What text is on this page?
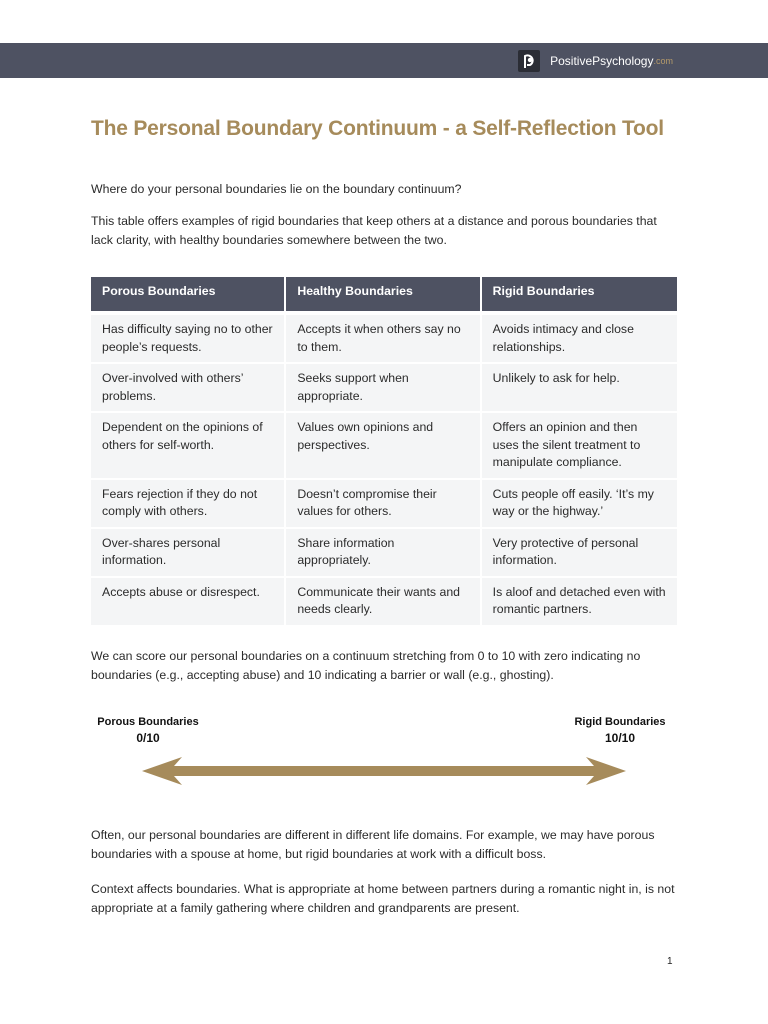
PositivePsychology .com
The Personal Boundary Continuum - a Self-Reflection Tool

Where do your personal boundaries lie on the boundary continuum?

This table offers examples of rigid boundaries that keep others at a distance and porous boundaries that lack clarity, with healthy boundaries somewhere between the two.

Porous Boundaries	Healthy Boundaries	Rigid Boundaries
Has difficulty saying no to other people’s requests.	Accepts it when others say no to them.	Avoids intimacy and close relationships.
Over-involved with others’ problems.	Seeks support when appropriate.	Unlikely to ask for help.
Dependent on the opinions of others for self-worth.	Values own opinions and perspectives.	Offers an opinion and then uses the silent treatment to manipulate compliance.
Fears rejection if they do not comply with others.	Doesn’t compromise their values for others.	Cuts people off easily. ‘It’s my way or the highway.’
Over-shares personal information.	Share information appropriately.	Very protective of personal information.
Accepts abuse or disrespect.	Communicate their wants and needs clearly.	Is aloof and detached even with romantic partners.

We can score our personal boundaries on a continuum stretching from 0 to 10 with zero indicating no boundaries (e.g., accepting abuse) and 10 indicating a barrier or wall (e.g., ghosting).

Porous Boundaries
0/10
Rigid Boundaries
10/10

Often, our personal boundaries are different in different life domains. For example, we may have porous boundaries with a spouse at home, but rigid boundaries at work with a difficult boss.

Context affects boundaries. What is appropriate at home between partners during a romantic night in, is not appropriate at a family gathering where children and grandparents are present.

1
